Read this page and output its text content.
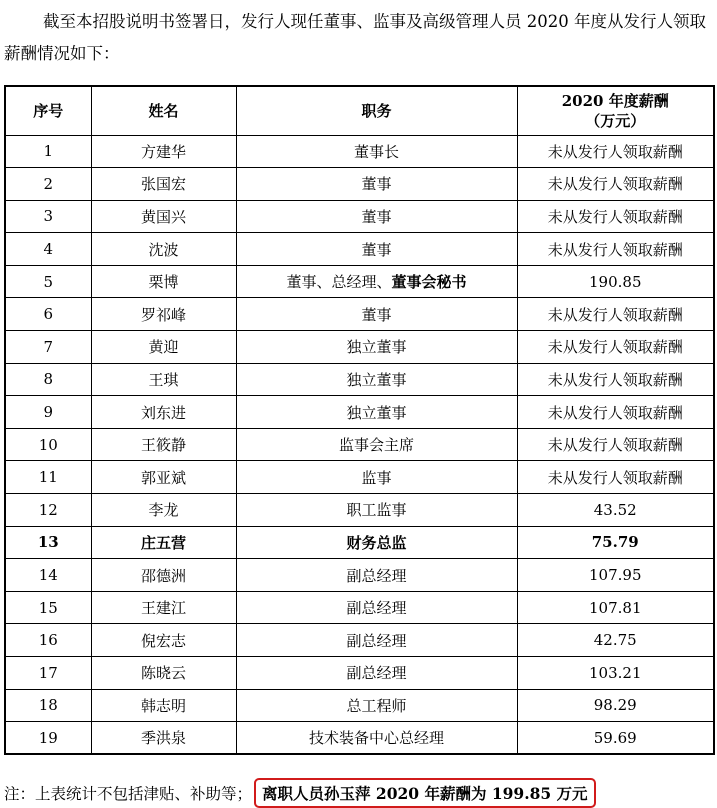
截至本招股说明书签署日，发行人现任董事、监事及高级管理人员 2020 年度从发行人领取薪酬情况如下：

序号	姓名	职务	2020 年度薪酬
（万元）

1	方建华	董事长	未从发行人领取薪酬
2	张国宏	董事	未从发行人领取薪酬
3	黄国兴	董事	未从发行人领取薪酬
4	沈波	董事	未从发行人领取薪酬
5	栗博	董事、总经理、董事会秘书	190.85
6	罗祁峰	董事	未从发行人领取薪酬
7	黄迎	独立董事	未从发行人领取薪酬
8	王琪	独立董事	未从发行人领取薪酬
9	刘东进	独立董事	未从发行人领取薪酬
10	王筱静	监事会主席	未从发行人领取薪酬
11	郭亚斌	监事	未从发行人领取薪酬
12	李龙	职工监事	43.52
13	庄五营	财务总监	75.79
14	邵德洲	副总经理	107.95
15	王建江	副总经理	107.81
16	倪宏志	副总经理	42.75
17	陈晓云	副总经理	103.21
18	韩志明	总工程师	98.29
19	季洪泉	技术装备中心总经理	59.69
注：上表统计不包括津贴、补助等； 离职人员孙玉萍 2020 年薪酬为 199.85 万元
